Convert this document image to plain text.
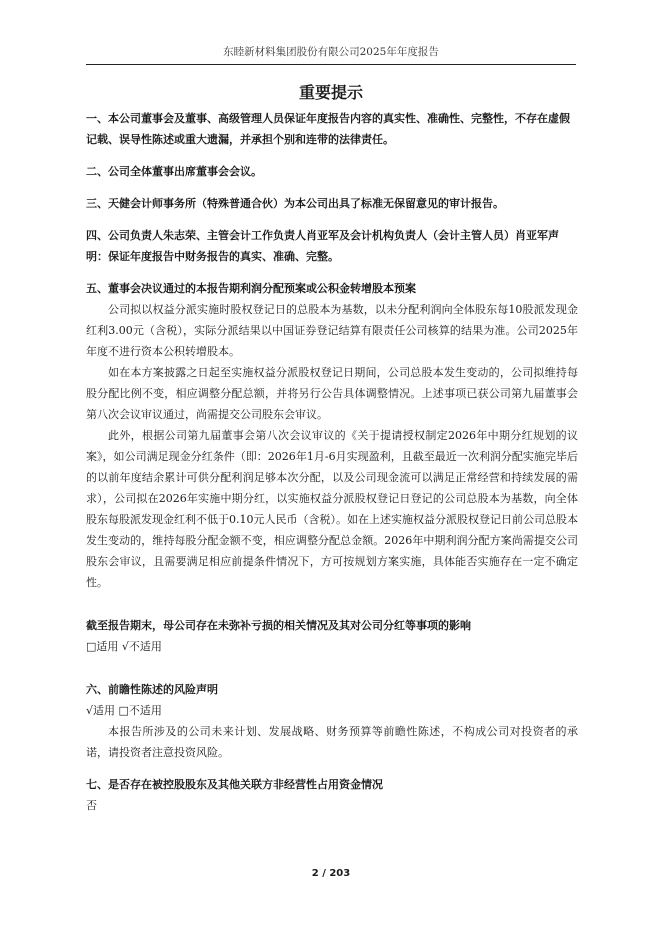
东睦新材料集团股份有限公司2025年年度报告
重要提示

一、本公司董事会及董事、高级管理人员保证年度报告内容的真实性、准确性、完整性，不存在虚假记载、误导性陈述或重大遗漏，并承担个别和连带的法律责任。

二、公司全体董事出席董事会会议。

三、天健会计师事务所（特殊普通合伙）为本公司出具了标准无保留意见的审计报告。

四、公司负责人朱志荣、主管会计工作负责人肖亚军及会计机构负责人（会计主管人员）肖亚军声明：保证年度报告中财务报告的真实、准确、完整。

五、董事会决议通过的本报告期利润分配预案或公积金转增股本预案

公司拟以权益分派实施时股权登记日的总股本为基数，以未分配利润向全体股东每10股派发现金红利3.00元（含税），实际分派结果以中国证券登记结算有限责任公司核算的结果为准。公司2025年年度不进行资本公积转增股本。

如在本方案披露之日起至实施权益分派股权登记日期间，公司总股本发生变动的，公司拟维持每股分配比例不变，相应调整分配总额，并将另行公告具体调整情况。上述事项已获公司第九届董事会第八次会议审议通过，尚需提交公司股东会审议。

此外，根据公司第九届董事会第八次会议审议的《关于提请授权制定2026年中期分红规划的议案》，如公司满足现金分红条件（即：2026年1月-6月实现盈利，且截至最近一次利润分配实施完毕后的以前年度结余累计可供分配利润足够本次分配，以及公司现金流可以满足正常经营和持续发展的需求），公司拟在2026年实施中期分红，以实施权益分派股权登记日登记的公司总股本为基数，向全体股东每股派发现金红利不低于0.10元人民币（含税）。如在上述实施权益分派股权登记日前公司总股本发生变动的，维持每股分配金额不变，相应调整分配总金额。2026年中期利润分配方案尚需提交公司股东会审议，且需要满足相应前提条件情况下，方可按规划方案实施，具体能否实施存在一定不确定性。

截至报告期末，母公司存在未弥补亏损的相关情况及其对公司分红等事项的影响

□适用 √不适用

六、前瞻性陈述的风险声明

√适用 □不适用

本报告所涉及的公司未来计划、发展战略、财务预算等前瞻性陈述，不构成公司对投资者的承诺，请投资者注意投资风险。

七、是否存在被控股股东及其他关联方非经营性占用资金情况

否

2 / 203
